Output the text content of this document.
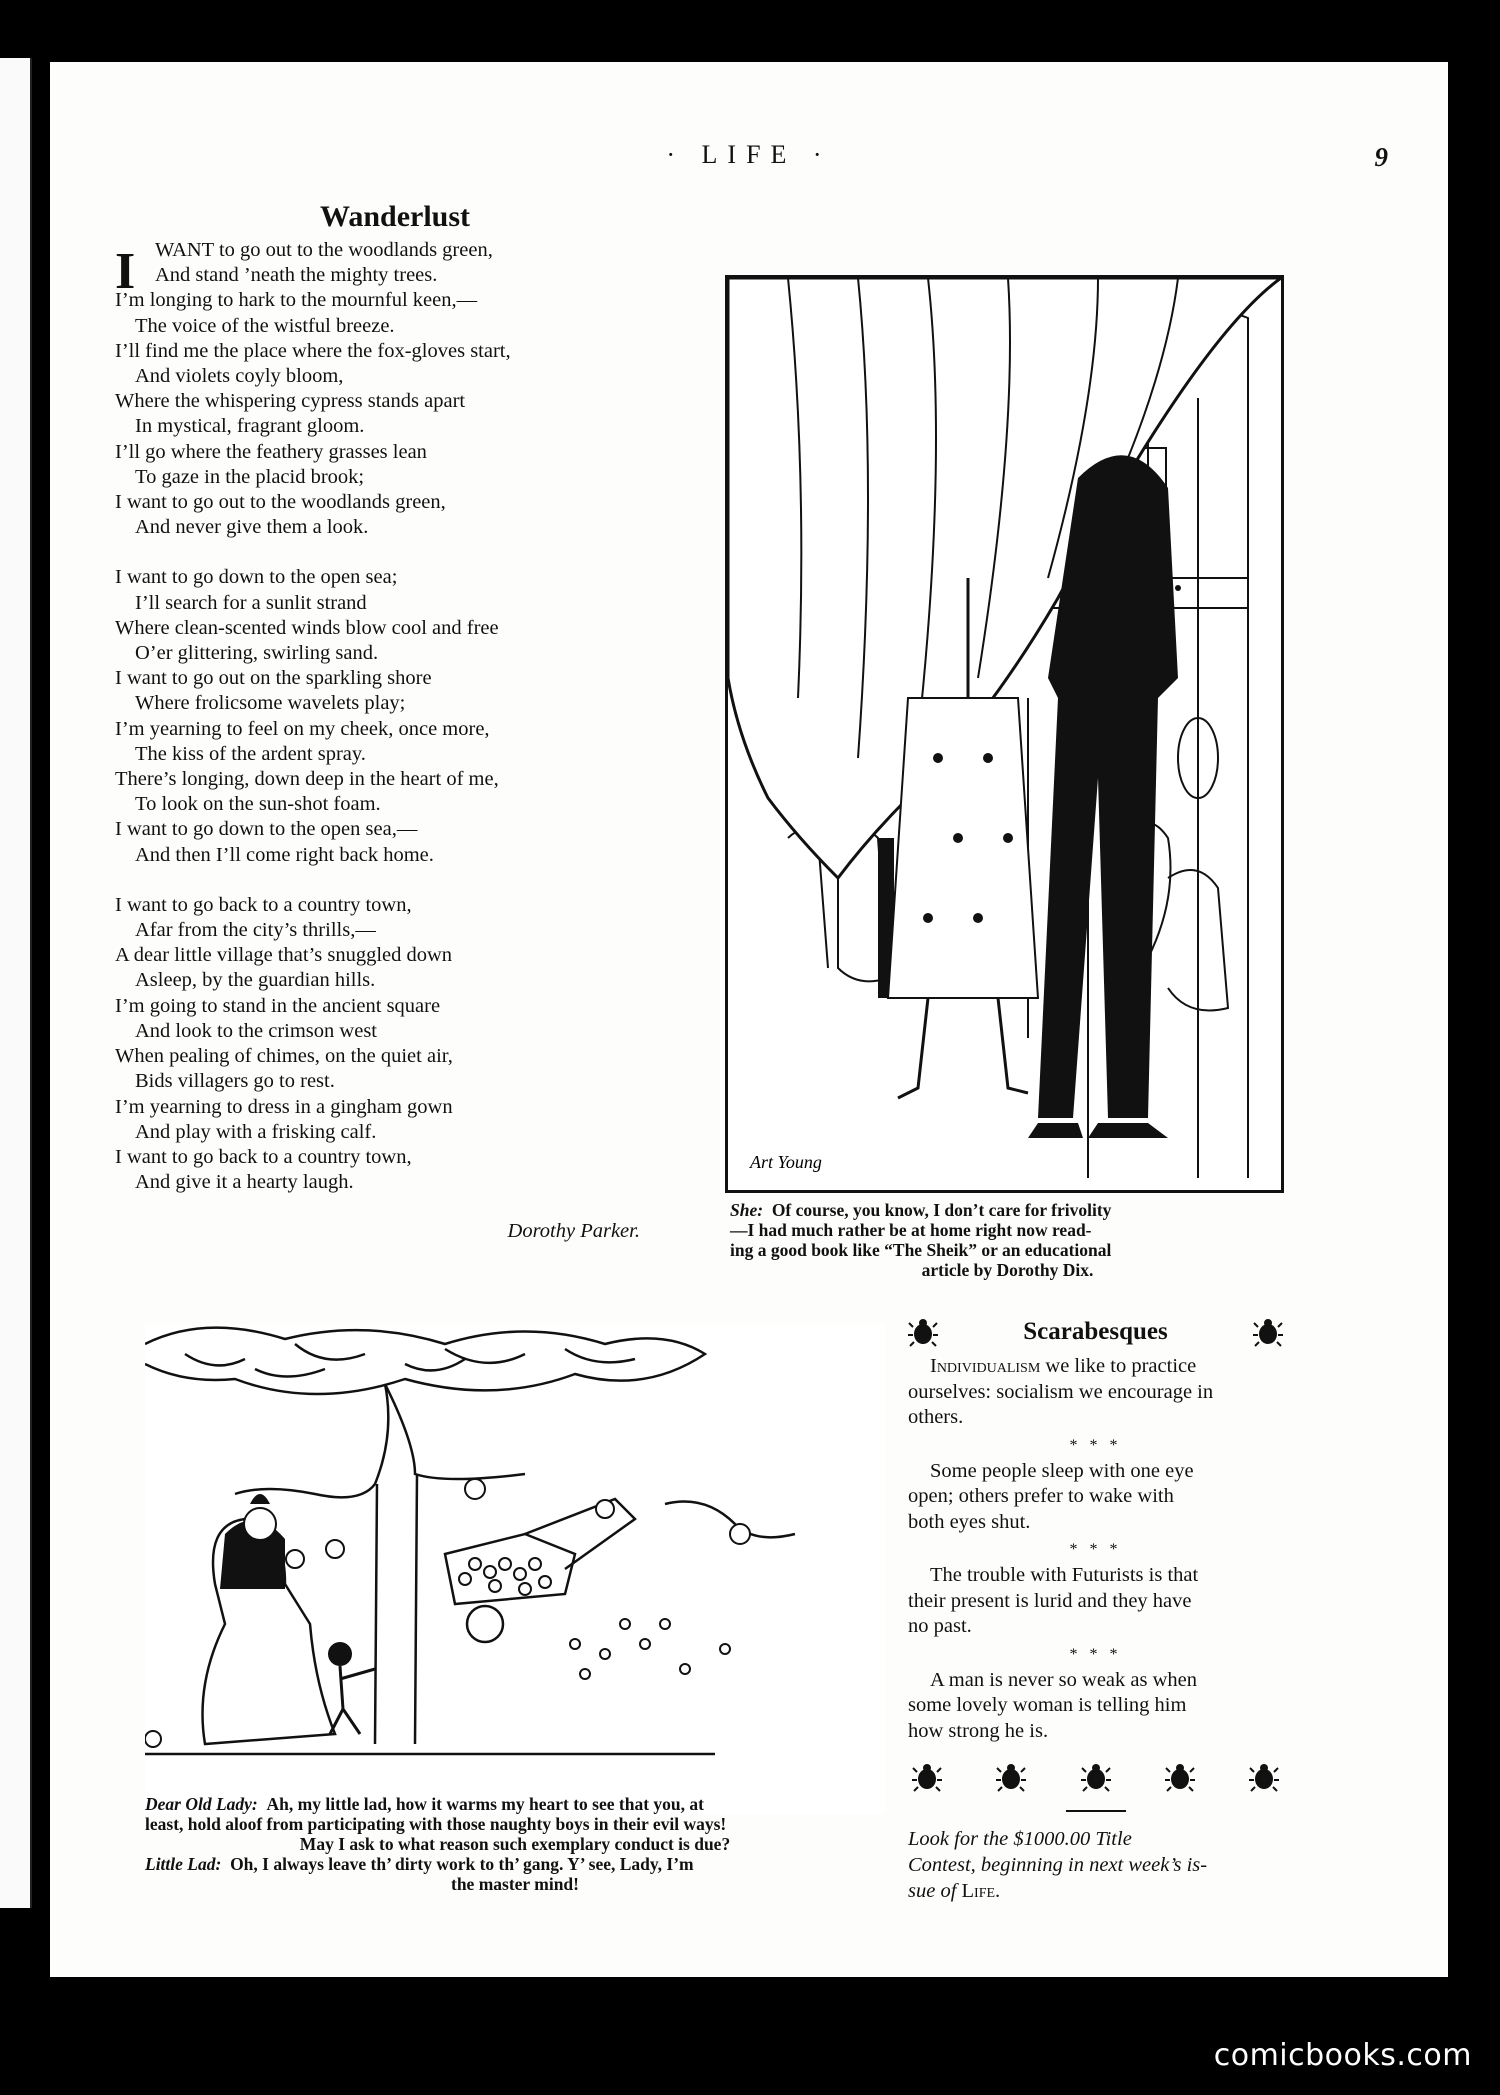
· LIFE ·	9
Wanderlust
I WANT to go out to the woodlands green,
And stand ’neath the mighty trees.
I’m longing to hark to the mournful keen,—
The voice of the wistful breeze.
I’ll find me the place where the fox-gloves start,
And violets coyly bloom,
Where the whispering cypress stands apart
In mystical, fragrant gloom.
I’ll go where the feathery grasses lean
To gaze in the placid brook;
I want to go out to the woodlands green,
And never give them a look.
I want to go down to the open sea;
I’ll search for a sunlit strand
Where clean-scented winds blow cool and free
O’er glittering, swirling sand.
I want to go out on the sparkling shore
Where frolicsome wavelets play;
I’m yearning to feel on my cheek, once more,
The kiss of the ardent spray.
There’s longing, down deep in the heart of me,
To look on the sun-shot foam.
I want to go down to the open sea,—
And then I’ll come right back home.
I want to go back to a country town,
Afar from the city’s thrills,—
A dear little village that’s snuggled down
Asleep, by the guardian hills.
I’m going to stand in the ancient square
And look to the crimson west
When pealing of chimes, on the quiet air,
Bids villagers go to rest.
I’m yearning to dress in a gingham gown
And play with a frisking calf.
I want to go back to a country town,
And give it a hearty laugh.
Dorothy Parker.
Art Young
She: Of course, you know, I don’t care for frivolity
—I had much rather be at home right now read-
ing a good book like “The Sheik” or an educational
article by Dorothy Dix.
Dear Old Lady: Ah, my little lad, how it warms my heart to see that you, at
least, hold aloof from participating with those naughty boys in their evil ways!
May I ask to what reason such exemplary conduct is due?
Little Lad: Oh, I always leave th’ dirty work to th’ gang. Y’ see, Lady, I’m
the master mind!
Scarabesques

Individualism we like to practice
ourselves: socialism we encourage in
others.

* * *

Some people sleep with one eye
open; others prefer to wake with
both eyes shut.

* * *

The trouble with Futurists is that
their present is lurid and they have
no past.

* * *

A man is never so weak as when
some lovely woman is telling him
how strong he is.

Look for the $1000.00 Title
Contest, beginning in next week’s is-
sue of Life.
comicbooks.com
